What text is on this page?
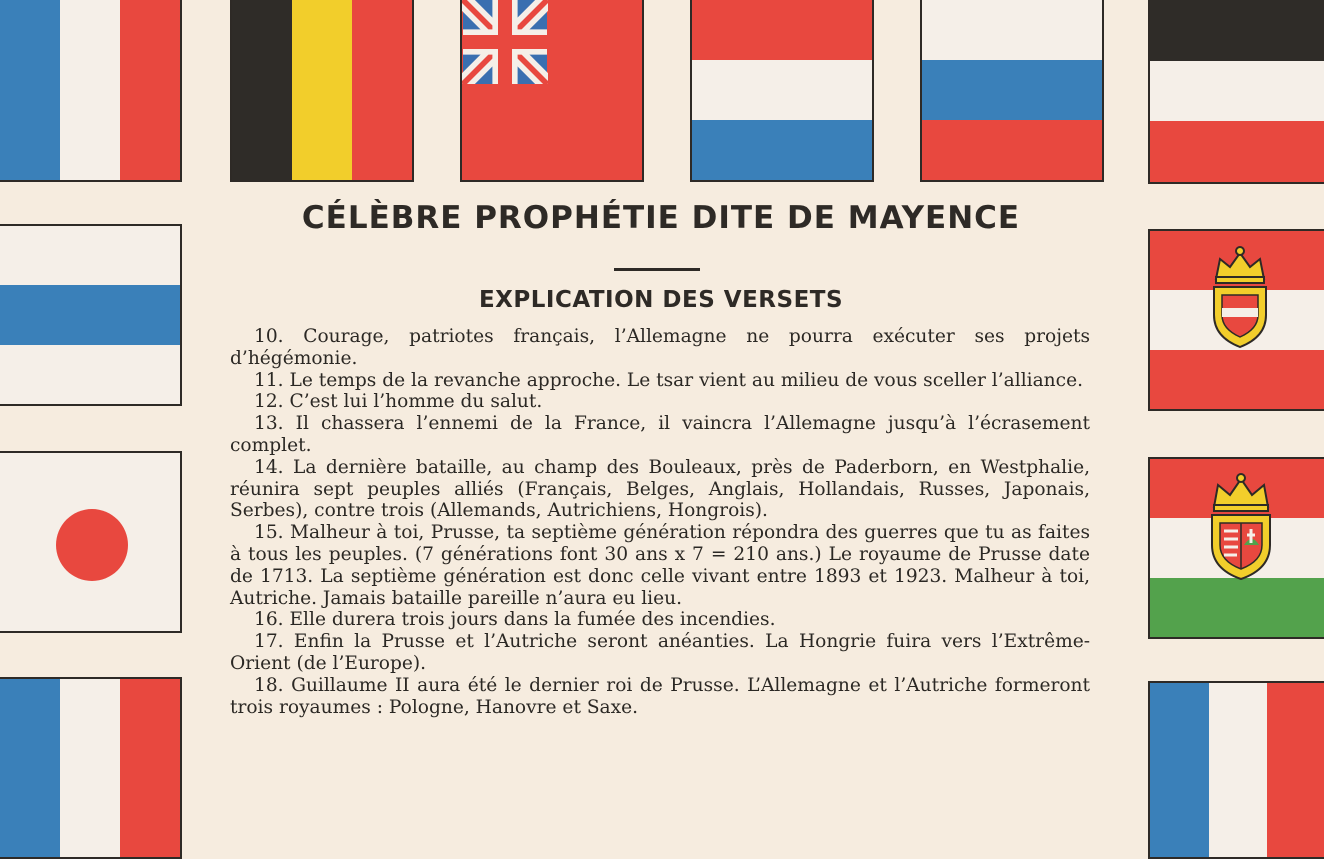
CÉLÈBRE PROPHÉTIE DITE DE MAYENCE
EXPLICATION DES VERSETS
10. Courage, patriotes français, l’Allemagne ne pourra exécuter ses projets d’hégémonie.
11. Le temps de la revanche approche. Le tsar vient au milieu de vous sceller l’alliance.
12. C’est lui l’homme du salut.
13. Il chassera l’ennemi de la France, il vaincra l’Allemagne jusqu’à l’écrasement complet.
14. La dernière bataille, au champ des Bouleaux, près de Paderborn, en Westphalie, réunira sept peuples alliés (Français, Belges, Anglais, Hollandais, Russes, Japonais, Serbes), contre trois (Allemands, Autrichiens, Hongrois).
15. Malheur à toi, Prusse, ta septième génération répondra des guerres que tu as faites à tous les peuples. (7 générations font 30 ans x 7 = 210 ans.) Le royaume de Prusse date de 1713. La septième génération est donc celle vivant entre 1893 et 1923. Malheur à toi, Autriche. Jamais bataille pareille n’aura eu lieu.
16. Elle durera trois jours dans la fumée des incendies.
17. Enfin la Prusse et l’Autriche seront anéanties. La Hongrie fuira vers l’Extrême-Orient (de l’Europe).
18. Guillaume II aura été le dernier roi de Prusse. L’Allemagne et l’Autriche formeront trois royaumes : Pologne, Hanovre et Saxe.
